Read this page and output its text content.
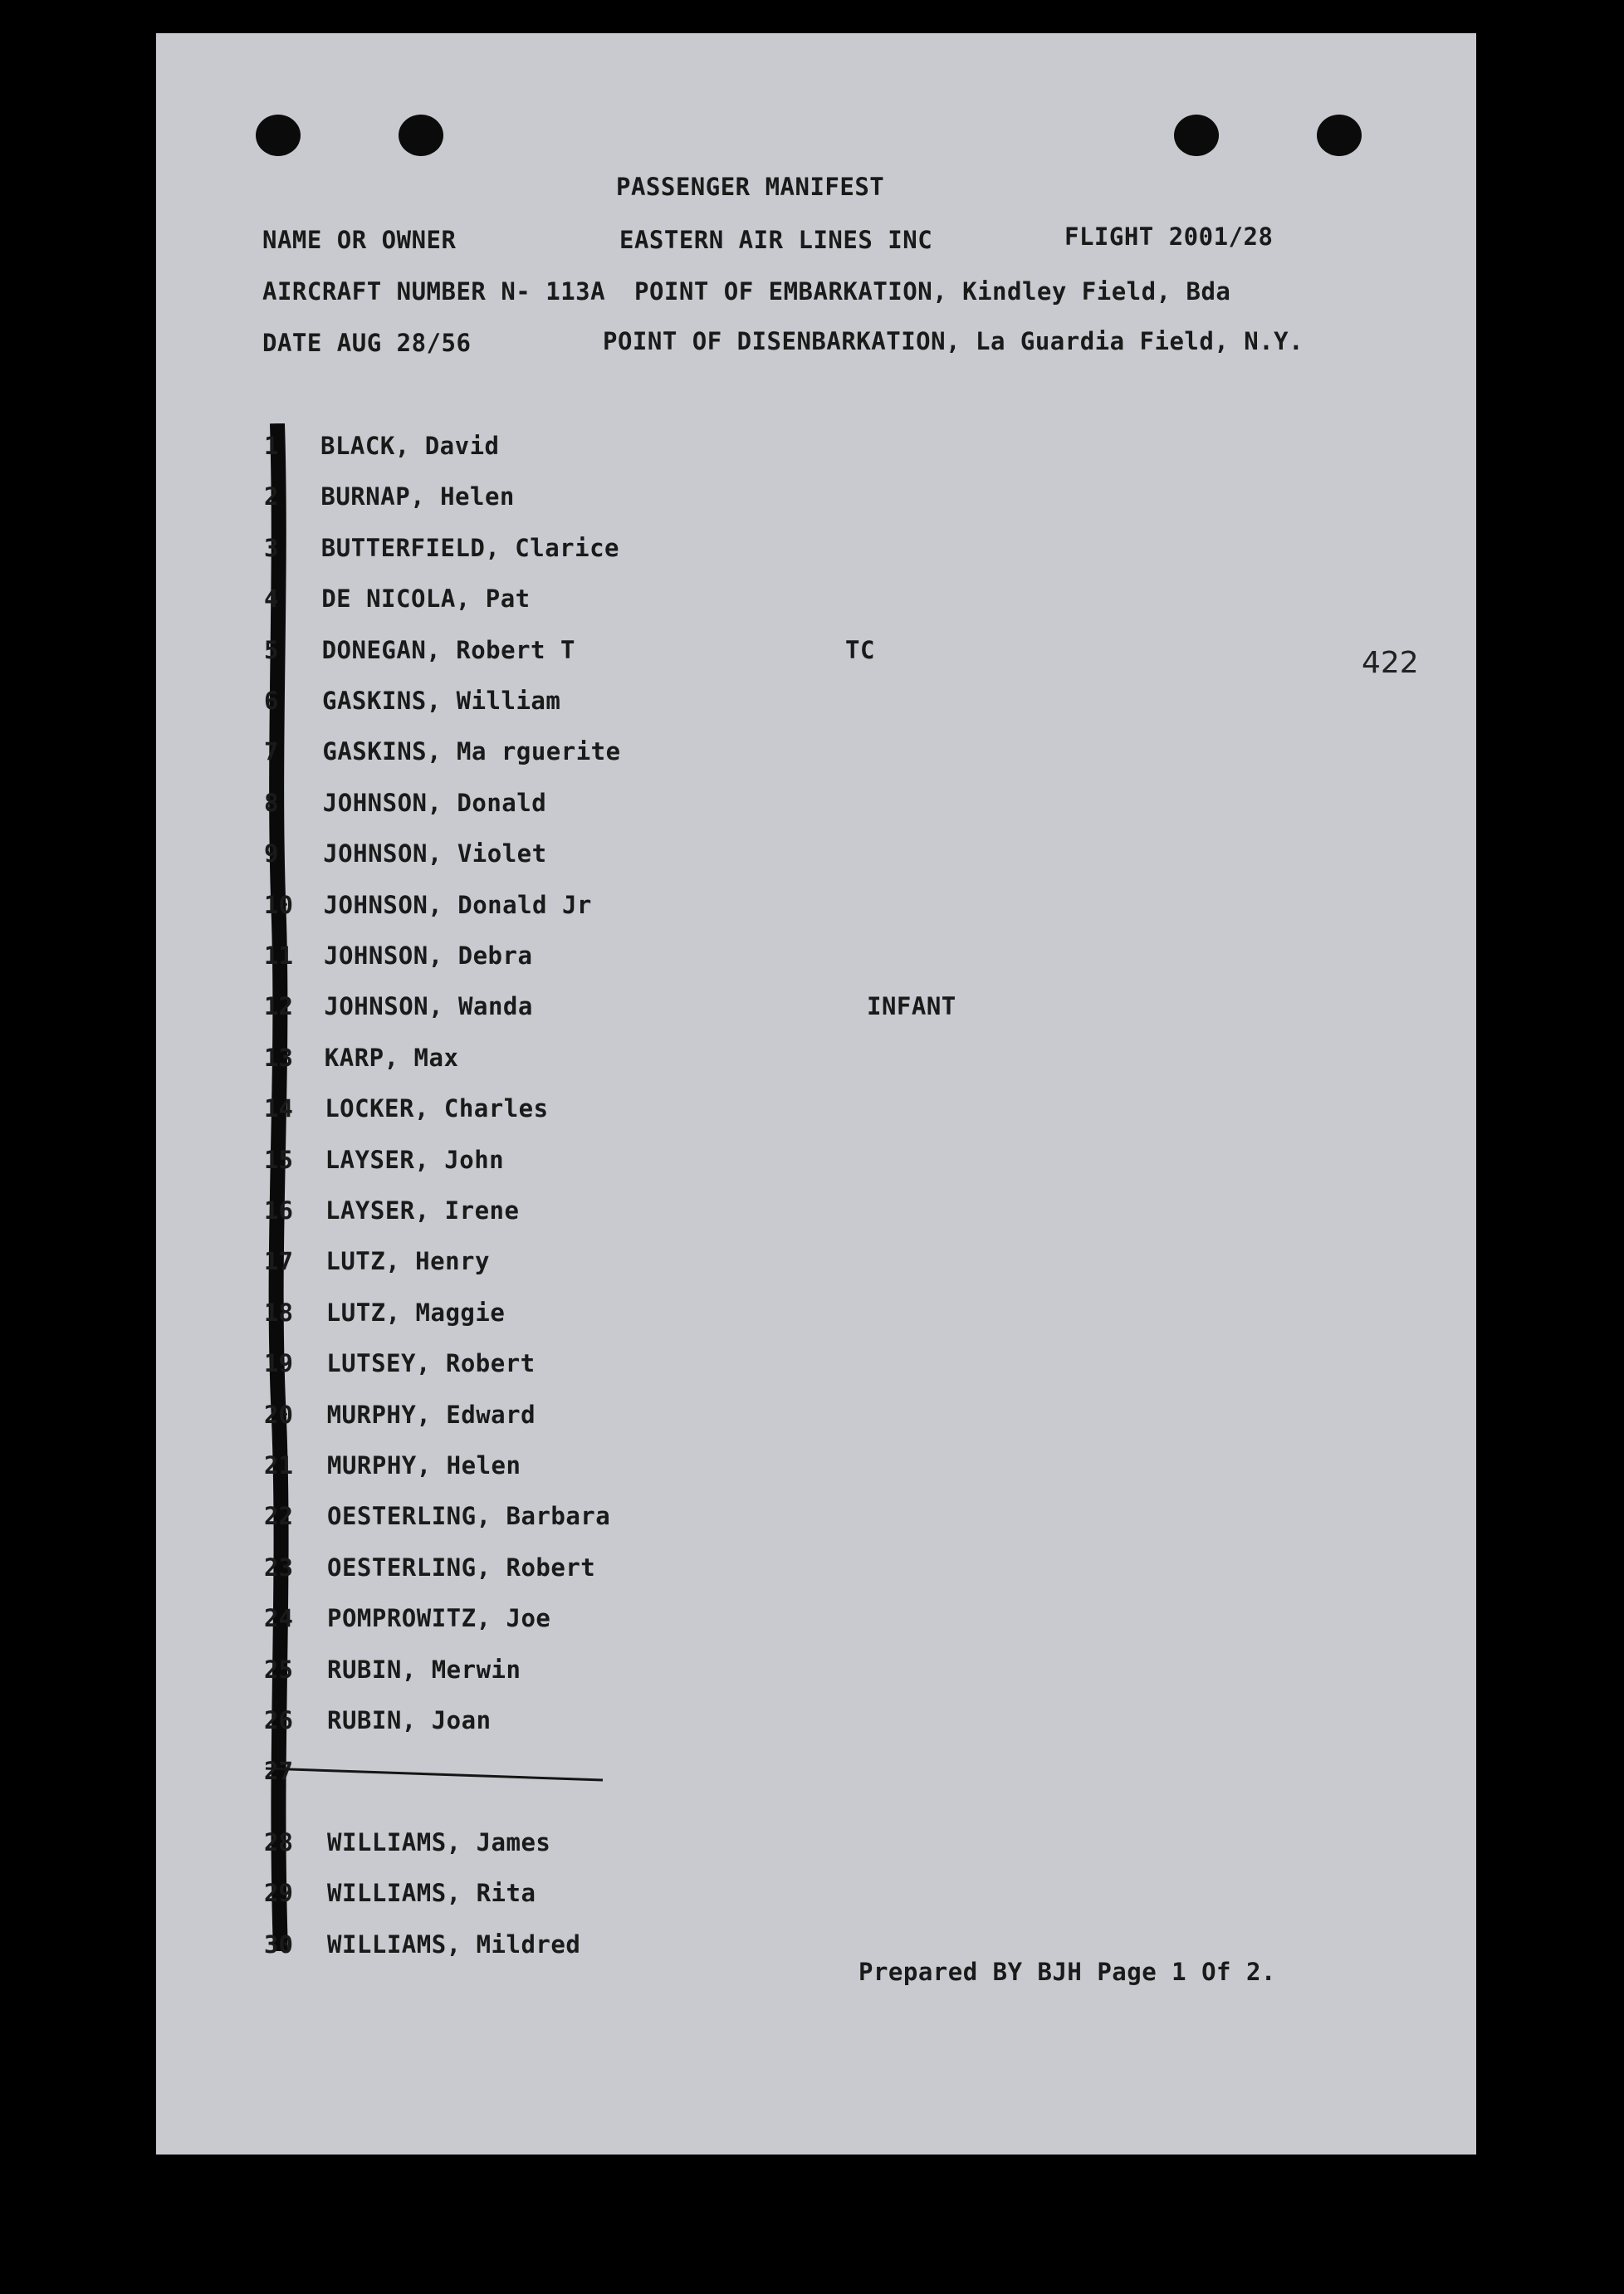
PASSENGER MANIFEST
NAME OR OWNER	EASTERN AIR LINES INC	FLIGHT 2001/28
AIRCRAFT NUMBER N- 113A POINT OF EMBARKATION, Kindley Field, Bda
DATE AUG 28/56	POINT OF DISENBARKATION, La Guardia Field, N.Y.
422
1 BLACK, David
2 BURNAP, Helen
3 BUTTERFIELD, Clarice
4 DE NICOLA, Pat
5 DONEGAN, Robert T	TC
6 GASKINS, William
7 GASKINS, Ma rguerite
8 JOHNSON, Donald
9 JOHNSON, Violet
10 JOHNSON, Donald Jr
11 JOHNSON, Debra
12 JOHNSON, Wanda	INFANT
13 KARP, Max
14 LOCKER, Charles
15 LAYSER, John
16 LAYSER, Irene
17 LUTZ, Henry
18 LUTZ, Maggie
19 LUTSEY, Robert
20 MURPHY, Edward
21 MURPHY, Helen
22 OESTERLING, Barbara
23 OESTERLING, Robert
24 POMPROWITZ, Joe
25 RUBIN, Merwin
26 RUBIN, Joan
27
28 WILLIAMS, James
29 WILLIAMS, Rita
30 WILLIAMS, Mildred
Prepared BY BJH Page 1 Of 2.
